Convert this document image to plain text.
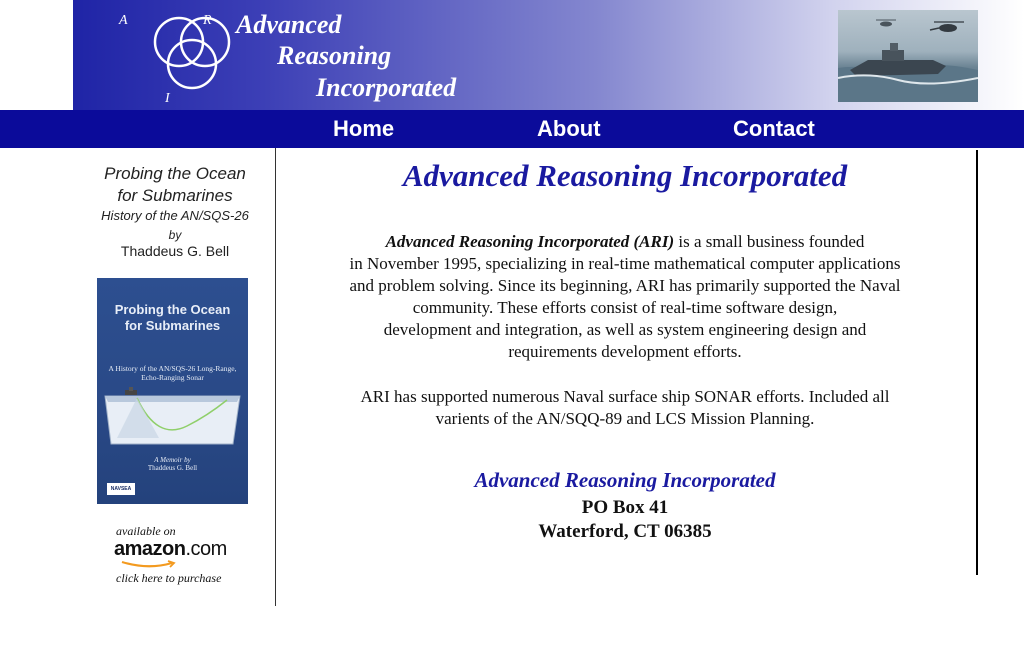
A	R
I
Advanced
Reasoning
Incorporated
Home	About	Contact
Probing the Ocean
for Submarines
History of the AN/SQS-26
by
Thaddeus G. Bell
Probing the Ocean
for Submarines
A History of the AN/SQS-26 Long-Range,
Echo-Ranging Sonar
A Memoir by
Thaddeus G. Bell
NAVSEA
available on
amazon.com
click here to purchase
Advanced Reasoning Incorporated
Advanced Reasoning Incorporated (ARI) is a small business founded
in November 1995, specializing in real-time mathematical computer applications
and problem solving. Since its beginning, ARI has primarily supported the Naval
community. These efforts consist of real-time software design,
development and integration, as well as system engineering design and
requirements development efforts.
ARI has supported numerous Naval surface ship SONAR efforts. Included all
varients of the AN/SQQ-89 and LCS Mission Planning.
Advanced Reasoning Incorporated
PO Box 41
Waterford, CT 06385
